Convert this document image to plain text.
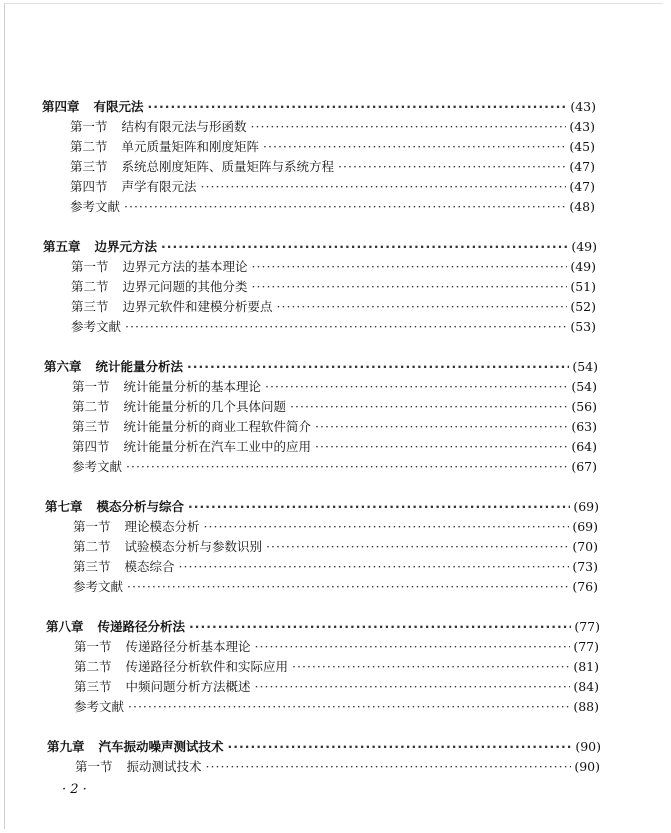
第四章 有限元法 ·····	(43)
第一节 结构有限元法与形函数 ·····	(43)
第二节 单元质量矩阵和刚度矩阵 ·····	(45)
第三节 系统总刚度矩阵、质量矩阵与系统方程 ·····	(47)
第四节 声学有限元法 ·····	(47)
参考文献 ·····	(48)
第五章 边界元方法 ·····	(49)
第一节 边界元方法的基本理论 ·····	(49)
第二节 边界元问题的其他分类 ·····	(51)
第三节 边界元软件和建模分析要点 ·····	(52)
参考文献 ·····	(53)
第六章 统计能量分析法 ·····	(54)
第一节 统计能量分析的基本理论 ·····	(54)
第二节 统计能量分析的几个具体问题 ·····	(56)
第三节 统计能量分析的商业工程软件简介 ·····	(63)
第四节 统计能量分析在汽车工业中的应用 ·····	(64)
参考文献 ·····	(67)
第七章 模态分析与综合 ·····	(69)
第一节 理论模态分析 ·····	(69)
第二节 试验模态分析与参数识别 ·····	(70)
第三节 模态综合 ·····	(73)
参考文献 ·····	(76)
第八章 传递路径分析法 ·····	(77)
第一节 传递路径分析基本理论 ·····	(77)
第二节 传递路径分析软件和实际应用 ·····	(81)
第三节 中频问题分析方法概述 ·····	(84)
参考文献 ·····	(88)
第九章 汽车振动噪声测试技术 ·····	(90)
第一节 振动测试技术 ·····	(90)
· 2 ·
